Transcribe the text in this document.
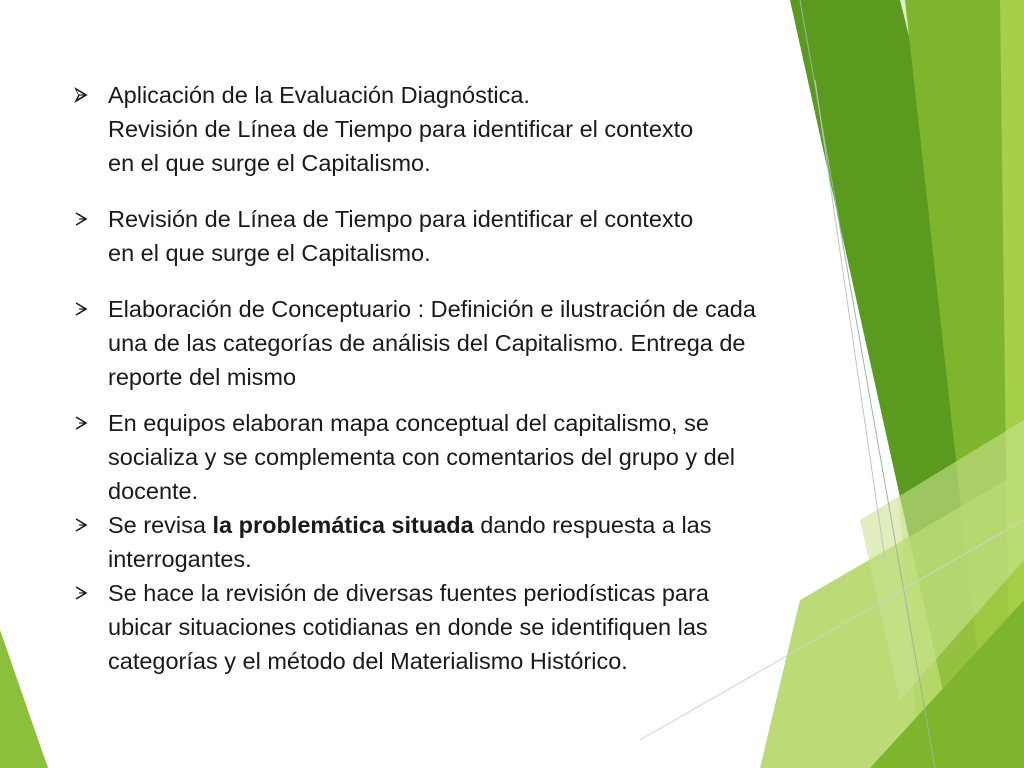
Aplicación de la Evaluación Diagnóstica.
Revisión de Línea de Tiempo para identificar el contexto
en el que surge el Capitalismo.
Revisión de Línea de Tiempo para identificar el contexto
en el que surge el Capitalismo.
Elaboración de Conceptuario : Definición e ilustración de cada
una de las categorías de análisis del Capitalismo. Entrega de
reporte del mismo
En equipos elaboran mapa conceptual del capitalismo, se
socializa y se complementa con comentarios del grupo y del
docente.
Se revisa la problemática situada dando respuesta a las
interrogantes.
Se hace la revisión de diversas fuentes periodísticas para
ubicar situaciones cotidianas en donde se identifiquen las
categorías y el método del Materialismo Histórico.
